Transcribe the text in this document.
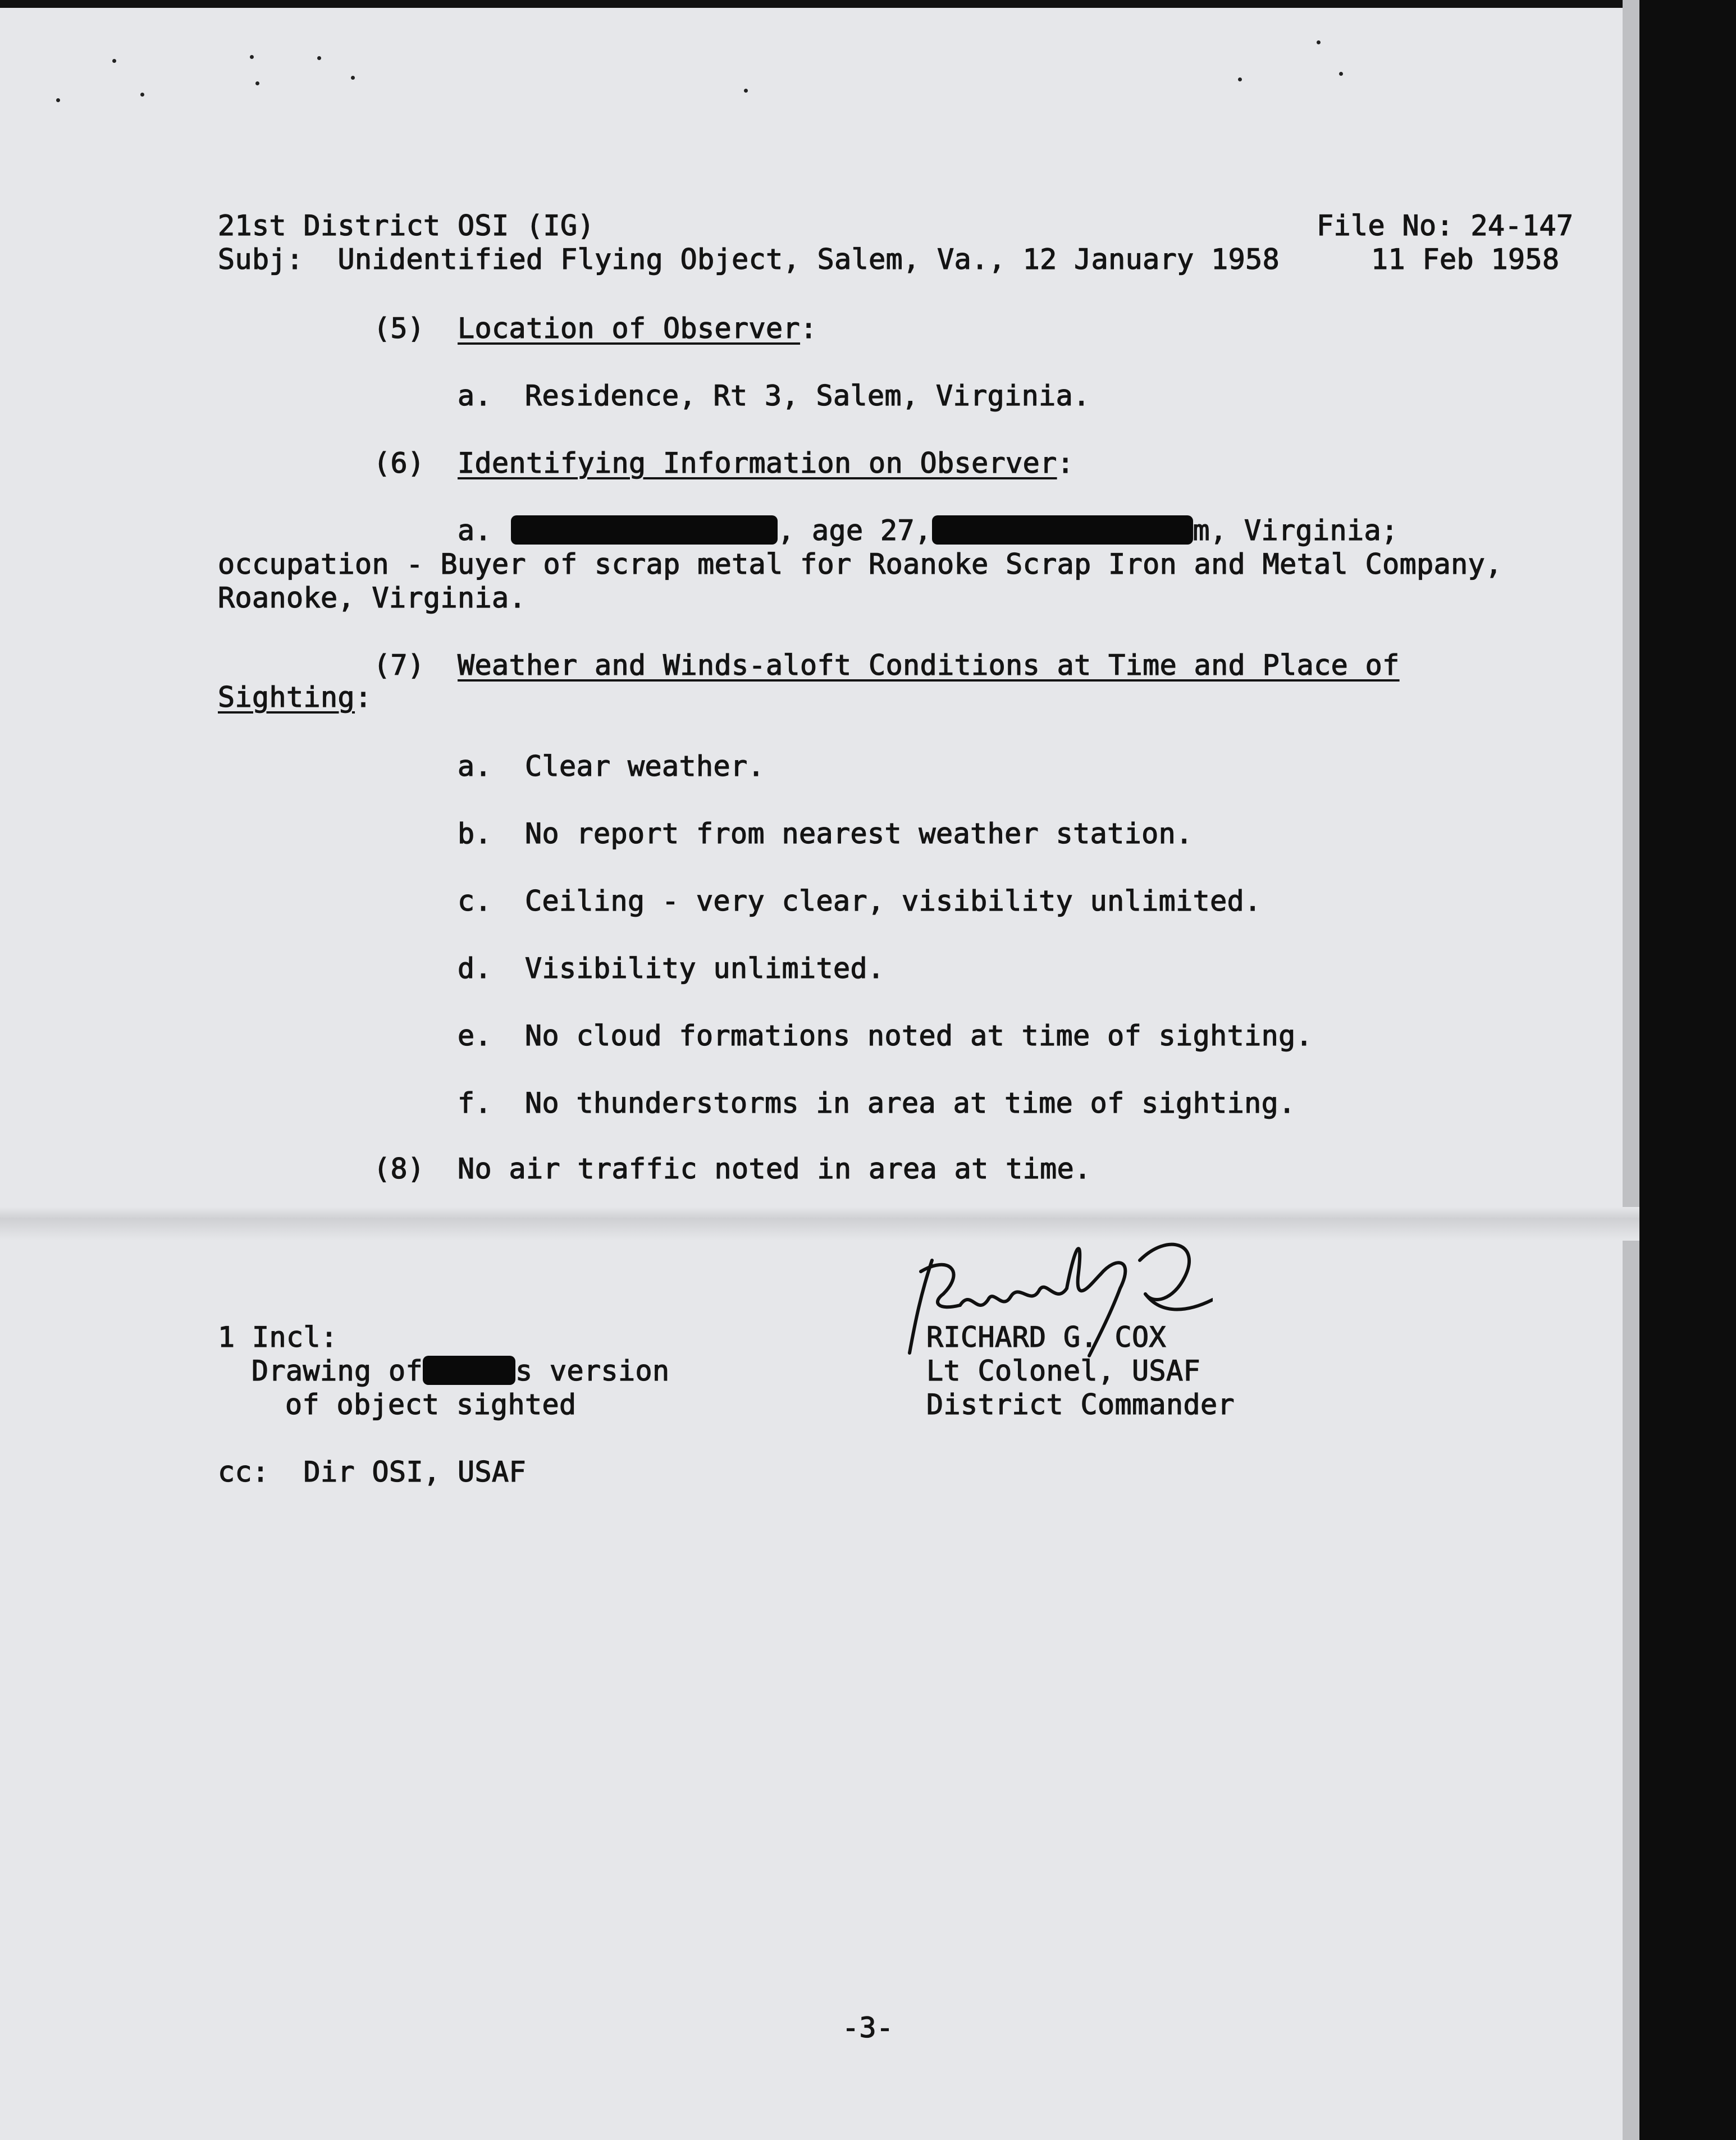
21st District OSI (IG)	File No: 24-147

Subj: Unidentified Flying Object, Salem, Va., 12 January 1958	11 Feb 1958

(5) Location of Observer:

a. Residence, Rt 3, Salem, Virginia.

(6) Identifying Information on Observer:

a.	, age 27,	m, Virginia;

occupation - Buyer of scrap metal for Roanoke Scrap Iron and Metal Company,

Roanoke, Virginia.

(7) Weather and Winds-aloft Conditions at Time and Place of

Sighting:

a. Clear weather.

b. No report from nearest weather station.

c. Ceiling - very clear, visibility unlimited.

d. Visibility unlimited.

e. No cloud formations noted at time of sighting.

f. No thunderstorms in area at time of sighting.

(8) No air traffic noted in area at time.

1 Incl:

Drawing of	s version

of object sighted

RICHARD G. COX

Lt Colonel, USAF

District Commander

cc:  Dir OSI, USAF

-3-
